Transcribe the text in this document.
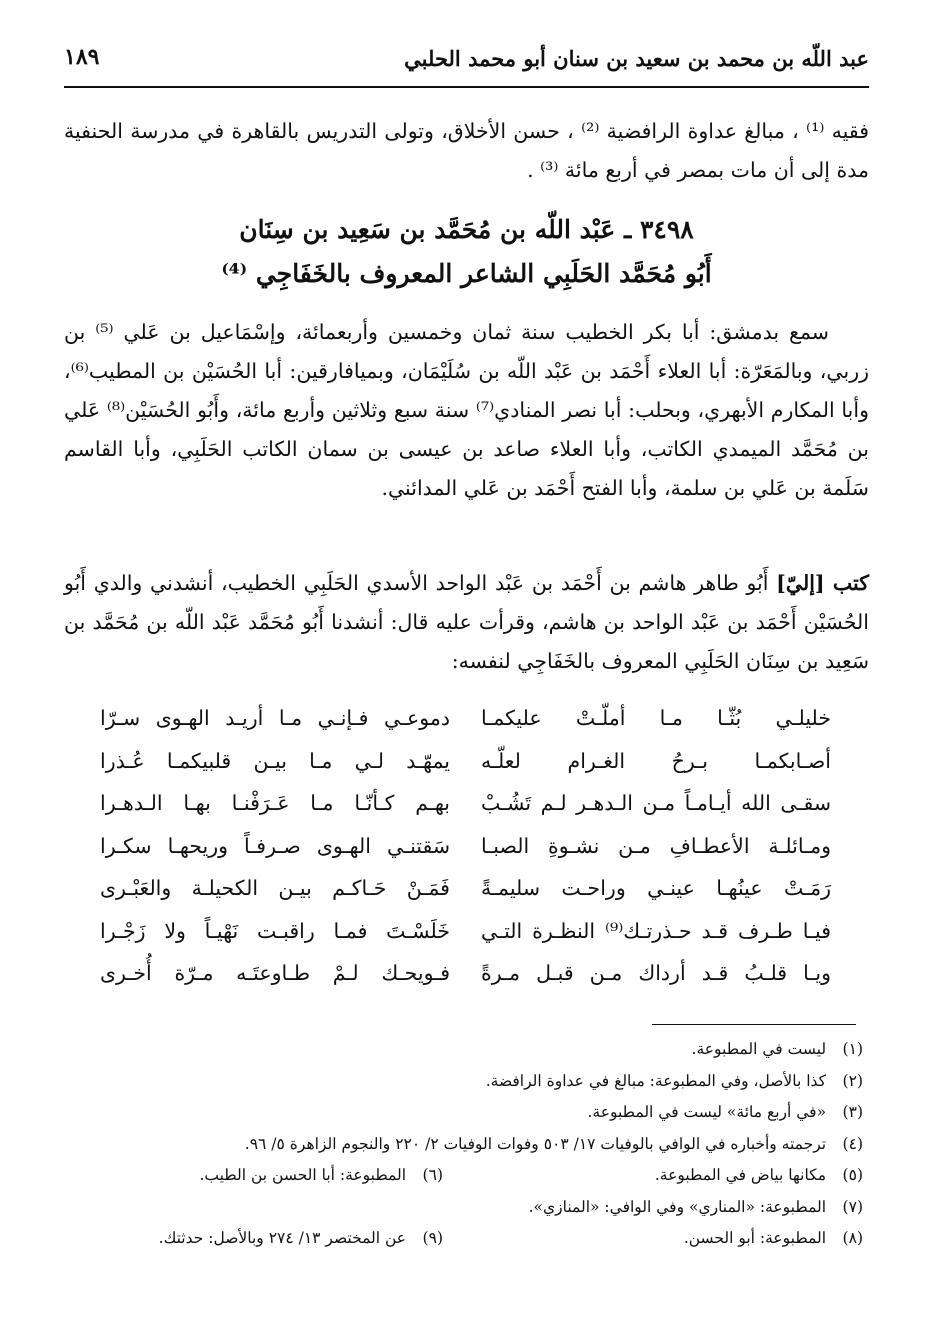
عبد اللّه بن محمد بن سعيد بن سنان أبو محمد الحلبي
١٨٩
فقيه ⁽¹⁾ ، مبالغ عداوة الرافضية ⁽²⁾ ، حسن الأخلاق، وتولى التدريس بالقاهرة في مدرسة الحنفية مدة إلى أن مات بمصر في أربع مائة ⁽³⁾ .
٣٤٩٨ ـ عَبْد اللّه بن مُحَمَّد بن سَعِيد بن سِنَان
أَبُو مُحَمَّد الحَلَبِي الشاعر المعروف بالخَفَاجِي ⁽⁴⁾
سمع بدمشق: أبا بكر الخطيب سنة ثمان وخمسين وأربعمائة، وإسْمَاعيل بن عَلي ⁽⁵⁾ بن زربي، وبالمَعَرّة: أبا العلاء أَحْمَد بن عَبْد اللّه بن سُلَيْمَان، وبميافارقين: أبا الحُسَيْن بن المطيب⁽⁶⁾، وأبا المكارم الأبهري، وبحلب: أبا نصر المنادي⁽⁷⁾ سنة سبع وثلاثين وأربع مائة، وأَبُو الحُسَيْن⁽⁸⁾ عَلي بن مُحَمَّد الميمدي الكاتب، وأبا العلاء صاعد بن عيسى بن سمان الكاتب الحَلَبِي، وأبا القاسم سَلَمة بن عَلي بن سلمة، وأبا الفتح أَحْمَد بن عَلي المدائني.
كتب [إليّ] أَبُو طاهر هاشم بن أَحْمَد بن عَبْد الواحد الأسدي الحَلَبِي الخطيب، أنشدني والدي أَبُو الحُسَيْن أَحْمَد بن عَبْد الواحد بن هاشم، وقرأت عليه قال: أنشدنا أَبُو مُحَمَّد عَبْد اللّه بن مُحَمَّد بن سَعِيد بن سِنَان الحَلَبِي المعروف بالخَفَاجِي لنفسه:
خليلـي بُثّـا مـا أملّـتْ عليكمـا
دموعـي فـإنـي مـا أريـد الهـوى سـرّا
أصـابكمـا بـرحُ الغـرام لعلّـه
يمهّـد لـي مـا بيـن قلبيكمـا عُـذرا
سقـى الله أيـامـاً مـن الـدهـر لـم تَشُـبْ
بهـم كـأنّـا مـا عَـرَفْنـا بهـا الـدهـرا
ومـائلـة الأعطـافِ مـن نشـوةِ الصبـا
سَقتنـي الهـوى صـرفـاً وريحهـا سكـرا
رَمَـتْ عينُهـا عينـي وراحـت سليمـةً
فَمَـنْ حَـاكـم بيـن الكحيلـة والعَبْـرى
فيـا طـرف قـد حـذرتـك⁽⁹⁾ النظـرة التـي
خَلَسْـتَ فمـا راقبـت نَهْيـاً ولا زَجْـرا
ويـا قلـبُ قـد أرداك مـن قبـل مـرةً
فـويحـك لـمْ طـاوعتَـه مـرّة أُخـرى
(١) ليست في المطبوعة.
(٢) كذا بالأصل، وفي المطبوعة: مبالغ في عداوة الرافضة.
(٣) «في أربع مائة» ليست في المطبوعة.
(٤) ترجمته وأخباره في الوافي بالوفيات ١٧/ ٥٠٣ وفوات الوفيات ٢/ ٢٢٠ والنجوم الزاهرة ٥/ ٩٦.
(٥) مكانها بياض في المطبوعة.
(٦) المطبوعة: أبا الحسن بن الطيب.
(٧) المطبوعة: «المناري» وفي الوافي: «المنازي».
(٨) المطبوعة: أبو الحسن.
(٩) عن المختصر ١٣/ ٢٧٤ وبالأصل: حدثتك.
